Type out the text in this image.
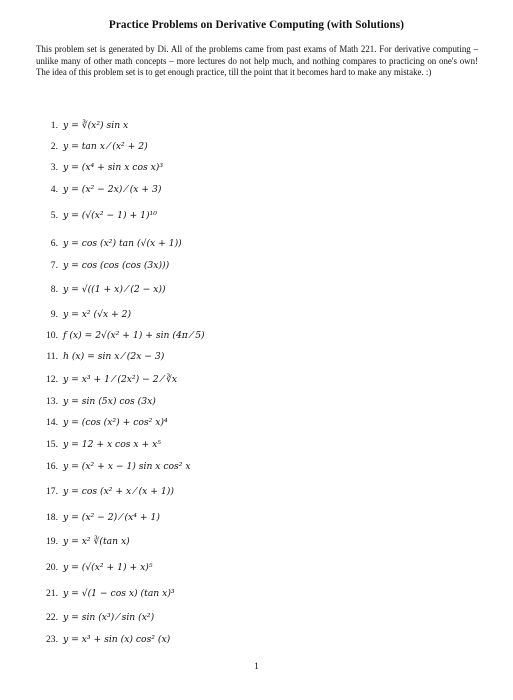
Practice Problems on Derivative Computing (with Solutions)
This problem set is generated by Di. All of the problems came from past exams of Math 221. For derivative computing – unlike many of other math concepts – more lectures do not help much, and nothing compares to practicing on one's own! The idea of this problem set is to get enough practice, till the point that it becomes hard to make any mistake. :)
1. y = ∛(x²) sin x
2. y = tan x ⁄ (x² + 2)
3. y = (x⁴ + sin x cos x)³
4. y = (x² − 2x) ⁄ (x + 3)
5. y = (√(x² − 1) + 1)¹⁰
6. y = cos (x²) tan (√(x + 1))
7. y = cos (cos (cos (3x)))
8. y = √((1 + x) ⁄ (2 − x))
9. y = x² (√x + 2)
10. f (x) = 2√(x² + 1) + sin (4π ⁄ 5)
11. h (x) = sin x ⁄ (2x − 3)
12. y = x³ + 1 ⁄ (2x²) − 2 ⁄ ∛x
13. y = sin (5x) cos (3x)
14. y = (cos (x²) + cos² x)⁴
15. y = 12 + x cos x + x⁵
16. y = (x² + x − 1) sin x cos² x
17. y = cos (x² + x ⁄ (x + 1))
18. y = (x² − 2) ⁄ (x⁴ + 1)
19. y = x² ∛(tan x)
20. y = (√(x² + 1) + x)⁵
21. y = √(1 − cos x) (tan x)³
22. y = sin (x³) ⁄ sin (x²)
23. y = x³ + sin (x) cos² (x)
1
